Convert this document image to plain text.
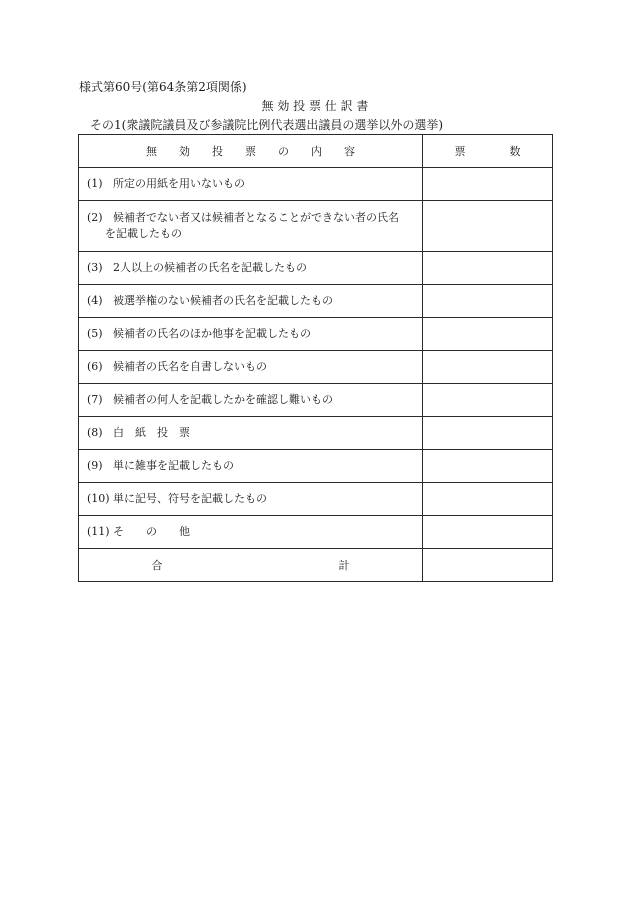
様式第60号(第64条第2項関係)
無 効 投 票 仕 訳 書
その1(衆議院議員及び参議院比例代表選出議員の選挙以外の選挙)
無　　効　　投　　票　　の　　内　　容	票　　　　数
(1) 所定の用紙を用いないもの	
(2) 候補者でない者又は候補者となることができない者の氏名
を記載したもの	

(3) 2人以上の候補者の氏名を記載したもの	
(4) 被選挙権のない候補者の氏名を記載したもの	
(5) 候補者の氏名のほか他事を記載したもの	
(6) 候補者の氏名を自書しないもの	
(7) 候補者の何人を記載したかを確認し難いもの	
(8) 白　紙　投　票	
(9) 単に雑事を記載したもの	
(10) 単に記号、符号を記載したもの	
(11) そ　　の　　他	
合　　　　　　　　　　　　　　　　計	
